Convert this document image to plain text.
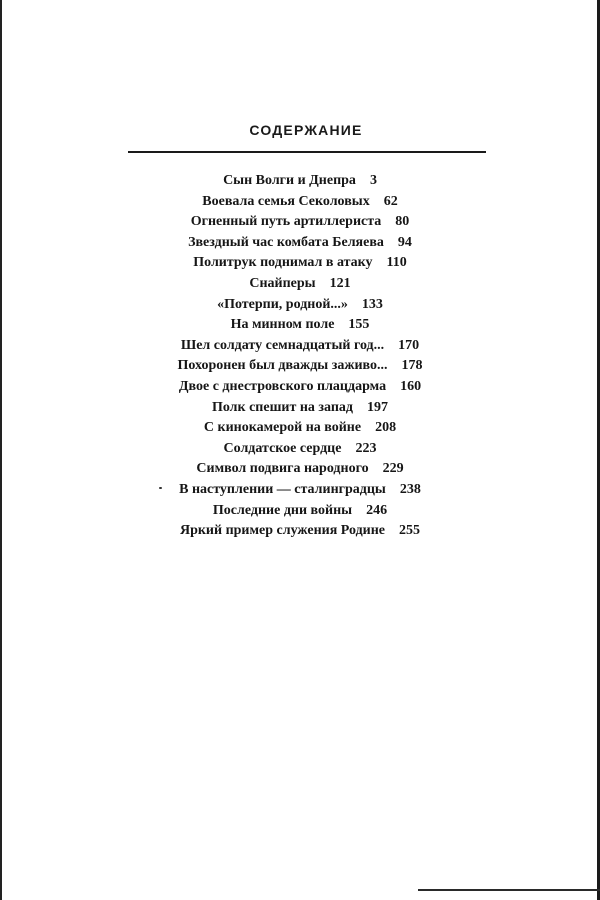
СОДЕРЖАНИЕ
Сын Волги и Днепра 3
Воевала семья Секоловых 62
Огненный путь артиллериста 80
Звездный час комбата Беляева 94
Политрук поднимал в атаку 110
Снайперы 121
«Потерпи, родной...» 133
На минном поле 155
Шел солдату семнадцатый год... 170
Похоронен был дважды заживо... 178
Двое с днестровского плацдарма 160
Полк спешит на запад 197
С кинокамерой на войне 208
Солдатское сердце 223
Символ подвига народного 229
В наступлении — сталинградцы 238
Последние дни войны 246
Яркий пример служения Родине 255
